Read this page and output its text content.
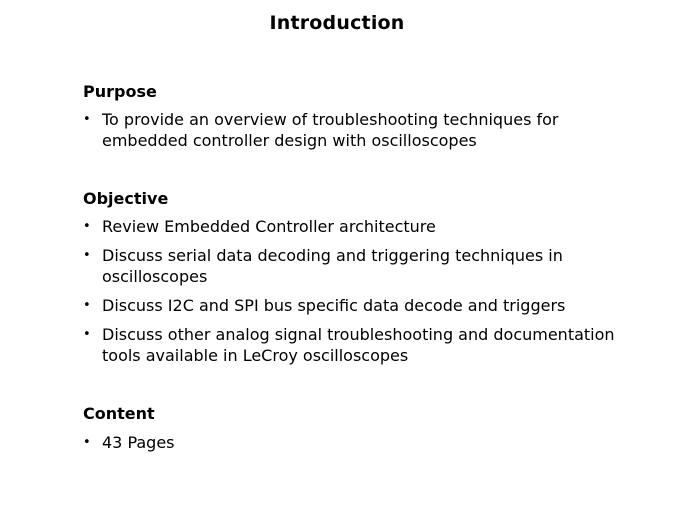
Introduction
Purpose
• To provide an overview of troubleshooting techniques for embedded controller design with oscilloscopes
Objective
• Review Embedded Controller architecture
• Discuss serial data decoding and triggering techniques in oscilloscopes
• Discuss I2C and SPI bus specific data decode and triggers
• Discuss other analog signal troubleshooting and documentation tools available in LeCroy oscilloscopes
Content
• 43 Pages
